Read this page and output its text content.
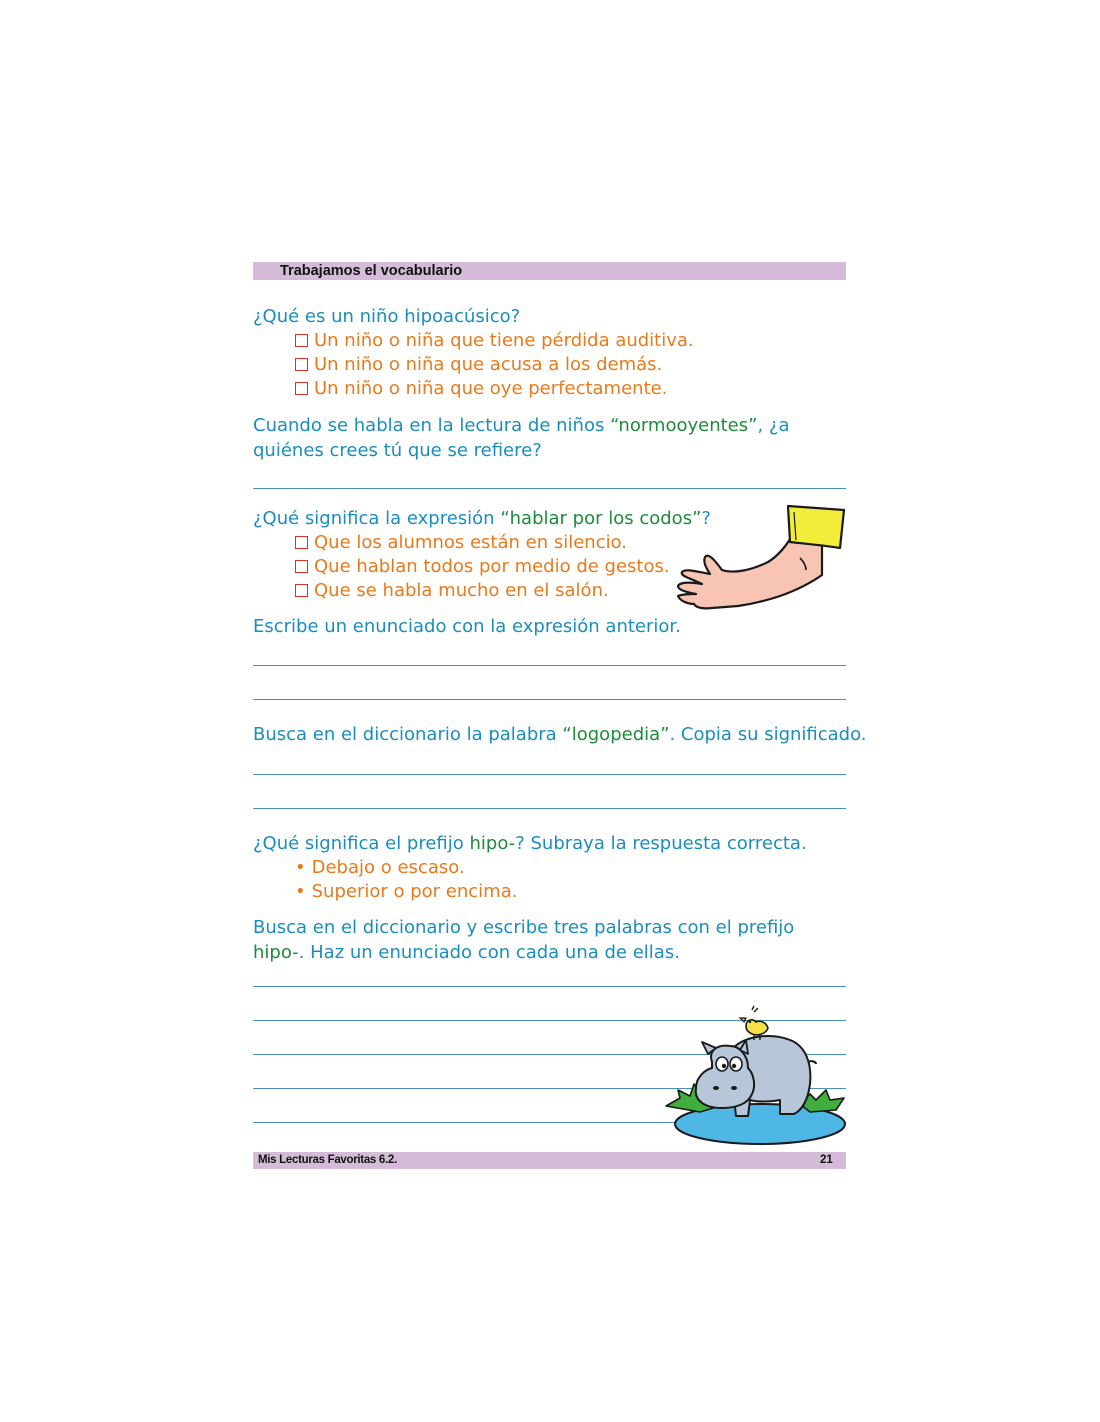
Trabajamos el vocabulario
¿Qué es un niño hipoacúsico?
Un niño o niña que tiene pérdida auditiva.
Un niño o niña que acusa a los demás.
Un niño o niña que oye perfectamente.
Cuando se habla en la lectura de niños “normooyentes”, ¿a quiénes crees tú que se refiere?
¿Qué significa la expresión “hablar por los codos”?
Que los alumnos están en silencio.
Que hablan todos por medio de gestos.
Que se habla mucho en el salón.
Escribe un enunciado con la expresión anterior.
Busca en el diccionario la palabra “logopedia”. Copia su significado.
¿Qué significa el prefijo hipo-? Subraya la respuesta correcta.
• Debajo o escaso.
• Superior o por encima.
Busca en el diccionario y escribe tres palabras con el prefijo hipo-. Haz un enunciado con cada una de ellas.
Mis Lecturas Favoritas 6.2.	21
